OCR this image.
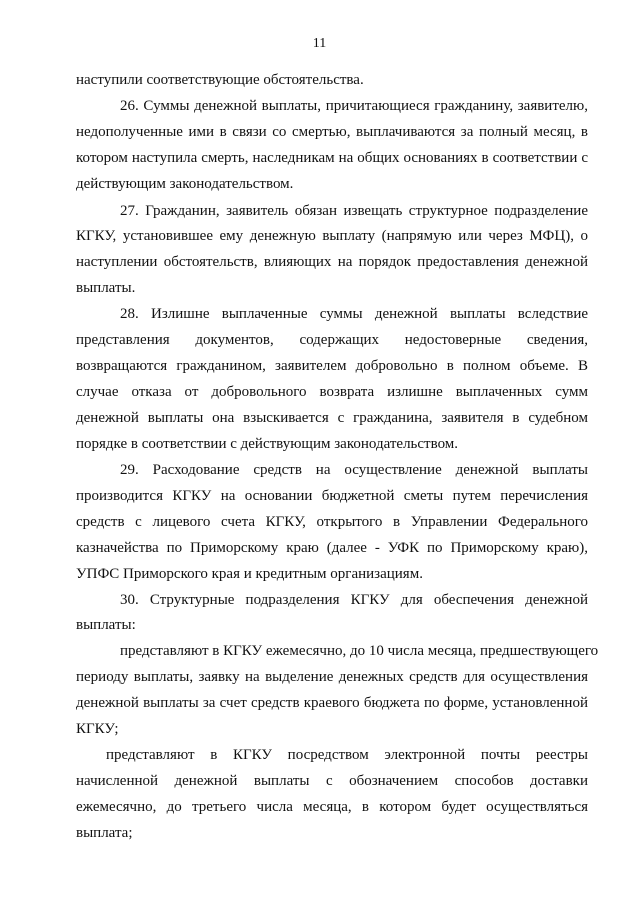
11
наступили соответствующие обстоятельства.
26. Суммы денежной выплаты, причитающиеся гражданину, заявителю,
недополученные ими в связи со смертью, выплачиваются за полный месяц, в
котором наступила смерть, наследникам на общих основаниях в соответствии с
действующим законодательством.
27. Гражданин, заявитель обязан извещать структурное подразделение
КГКУ, установившее ему денежную выплату (напрямую или через МФЦ), о
наступлении обстоятельств, влияющих на порядок предоставления денежной
выплаты.
28. Излишне выплаченные суммы денежной выплаты вследствие
представления документов, содержащих недостоверные сведения,
возвращаются гражданином, заявителем добровольно в полном объеме. В
случае отказа от добровольного возврата излишне выплаченных сумм
денежной выплаты она взыскивается с гражданина, заявителя в судебном
порядке в соответствии с действующим законодательством.
29. Расходование средств на осуществление денежной выплаты
производится КГКУ на основании бюджетной сметы путем перечисления
средств с лицевого счета КГКУ, открытого в Управлении Федерального
казначейства по Приморскому краю (далее - УФК по Приморскому краю),
УПФС Приморского края и кредитным организациям.
30. Структурные подразделения КГКУ для обеспечения денежной
выплаты:
представляют в КГКУ ежемесячно, до 10 числа месяца, предшествующего
периоду выплаты, заявку на выделение денежных средств для осуществления
денежной выплаты за счет средств краевого бюджета по форме, установленной
КГКУ;
представляют в КГКУ посредством электронной почты реестры
начисленной денежной выплаты с обозначением способов доставки
ежемесячно, до третьего числа месяца, в котором будет осуществляться
выплата;
